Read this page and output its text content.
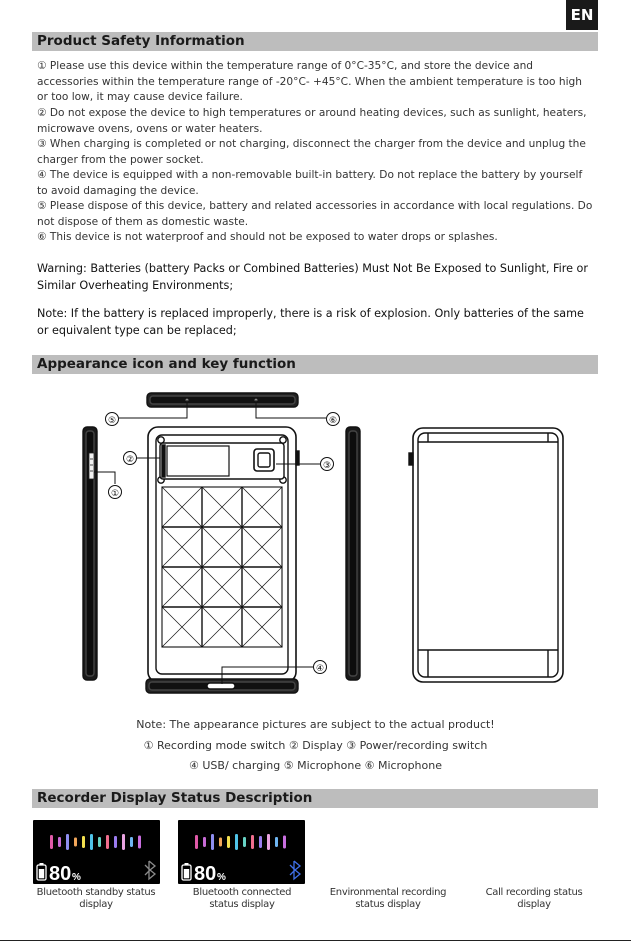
EN
Product Safety Information

① Please use this device within the temperature range of 0°C-35°C, and store the device and accessories within the temperature range of -20°C- +45°C. When the ambient temperature is too high or too low, it may cause device failure.

② Do not expose the device to high temperatures or around heating devices, such as sunlight, heaters, microwave ovens, ovens or water heaters.

③ When charging is completed or not charging, disconnect the charger from the device and unplug the charger from the power socket.

④ The device is equipped with a non-removable built-in battery. Do not replace the battery by yourself to avoid damaging the device.

⑤ Please dispose of this device, battery and related accessories in accordance with local regulations. Do not dispose of them as domestic waste.

⑥ This device is not waterproof and should not be exposed to water drops or splashes.

Warning: Batteries (battery Packs or Combined Batteries) Must Not Be Exposed to Sunlight, Fire or Similar Overheating Environments;

Note: If the battery is replaced improperly, there is a risk of explosion. Only batteries of the same or equivalent type can be replaced;

Appearance icon and key function
⑤	⑥
②
③
①
④
Note: The appearance pictures are subject to the actual product!
① Recording mode switch ② Display ③ Power/recording switch
④ USB/ charging ⑤ Microphone ⑥ Microphone
Recorder Display Status Description
80 %	80 %
Bluetooth standby status display
Bluetooth connected status display
Environmental recording status display
Call recording status display
